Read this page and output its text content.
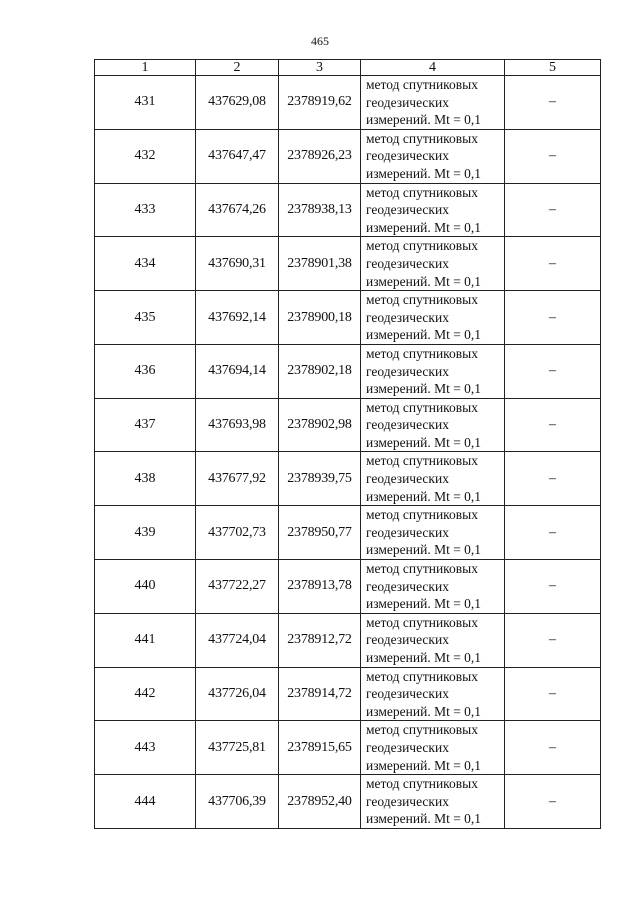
465
1	2	3	4	5
431	437629,08	2378919,62	метод спутниковых
геодезических
измерений. Mt = 0,1	–
432	437647,47	2378926,23	метод спутниковых
геодезических
измерений. Mt = 0,1	–
433	437674,26	2378938,13	метод спутниковых
геодезических
измерений. Mt = 0,1	–
434	437690,31	2378901,38	метод спутниковых
геодезических
измерений. Mt = 0,1	–
435	437692,14	2378900,18	метод спутниковых
геодезических
измерений. Mt = 0,1	–
436	437694,14	2378902,18	метод спутниковых
геодезических
измерений. Mt = 0,1	–
437	437693,98	2378902,98	метод спутниковых
геодезических
измерений. Mt = 0,1	–
438	437677,92	2378939,75	метод спутниковых
геодезических
измерений. Mt = 0,1	–
439	437702,73	2378950,77	метод спутниковых
геодезических
измерений. Mt = 0,1	–
440	437722,27	2378913,78	метод спутниковых
геодезических
измерений. Mt = 0,1	–
441	437724,04	2378912,72	метод спутниковых
геодезических
измерений. Mt = 0,1	–
442	437726,04	2378914,72	метод спутниковых
геодезических
измерений. Mt = 0,1	–
443	437725,81	2378915,65	метод спутниковых
геодезических
измерений. Mt = 0,1	–
444	437706,39	2378952,40	метод спутниковых
геодезических
измерений. Mt = 0,1	–
